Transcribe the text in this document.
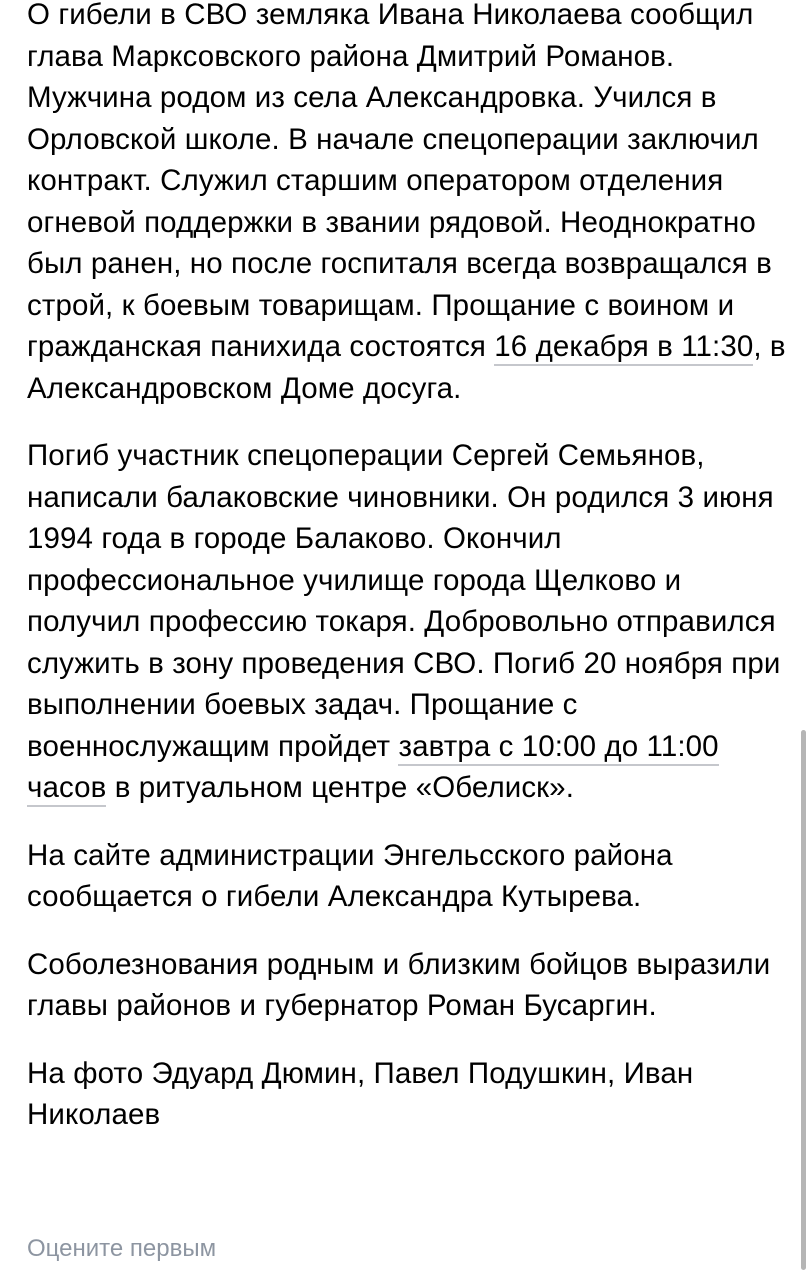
О гибели в СВО земляка Ивана Николаева сообщил глава Марксовского района Дмитрий Романов. Мужчина родом из села Александровка. Учился в Орловской школе. В начале спецоперации заключил контракт. Служил старшим оператором отделения огневой поддержки в звании рядовой. Неоднократно был ранен, но после госпиталя всегда возвращался в строй, к боевым товарищам. Прощание с воином и гражданская панихида состоятся 16 декабря в 11:30, в Александровском Доме досуга.

Погиб участник спецоперации Сергей Семьянов, написали балаковские чиновники. Он родился 3 июня 1994 года в городе Балаково. Окончил профессиональное училище города Щелково и получил профессию токаря. Добровольно отправился служить в зону проведения СВО. Погиб 20 ноября при выполнении боевых задач. Прощание с военнослужащим пройдет завтра с 10:00 до 11:00 часов в ритуальном центре «Обелиск».

На сайте администрации Энгельсского района сообщается о гибели Александра Кутырева.

Соболезнования родным и близким бойцов выразили главы районов и губернатор Роман Бусаргин.

На фото Эдуард Дюмин, Павел Подушкин, Иван Николаев

Оцените первым
